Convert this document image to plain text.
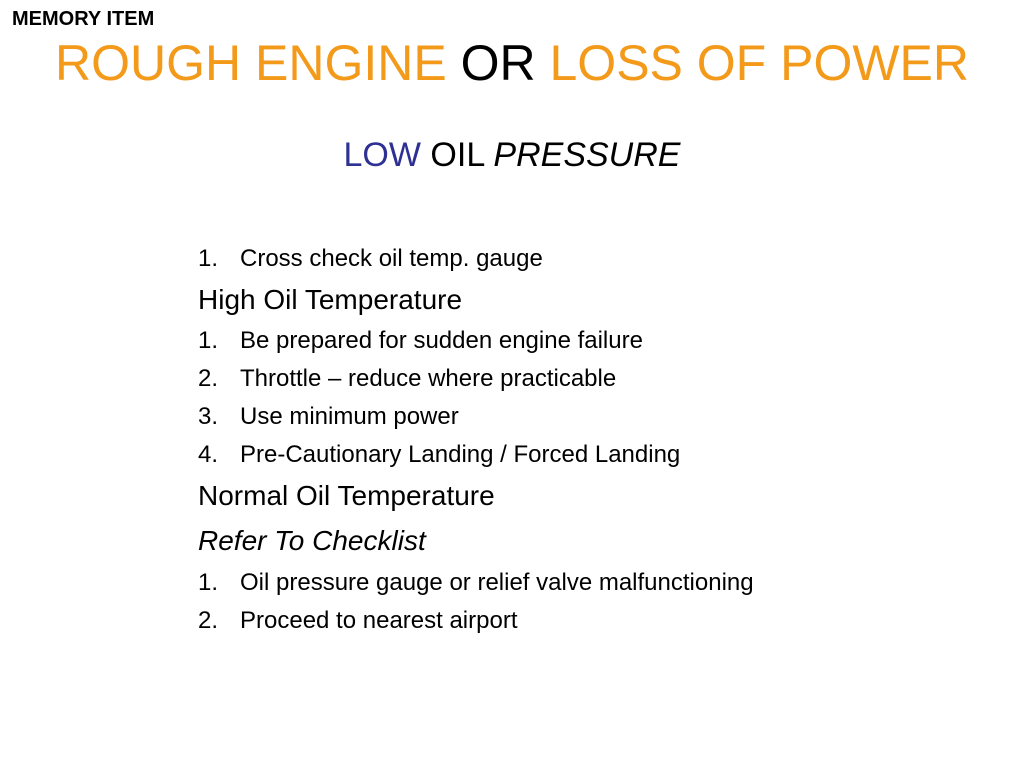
MEMORY ITEM
ROUGH ENGINE OR LOSS OF POWER
LOW OIL PRESSURE
1. Cross check oil temp. gauge
High Oil Temperature
1. Be prepared for sudden engine failure
2. Throttle – reduce where practicable
3. Use minimum power
4. Pre-Cautionary Landing / Forced Landing
Normal Oil Temperature
Refer To Checklist
1. Oil pressure gauge or relief valve malfunctioning
2. Proceed to nearest airport
